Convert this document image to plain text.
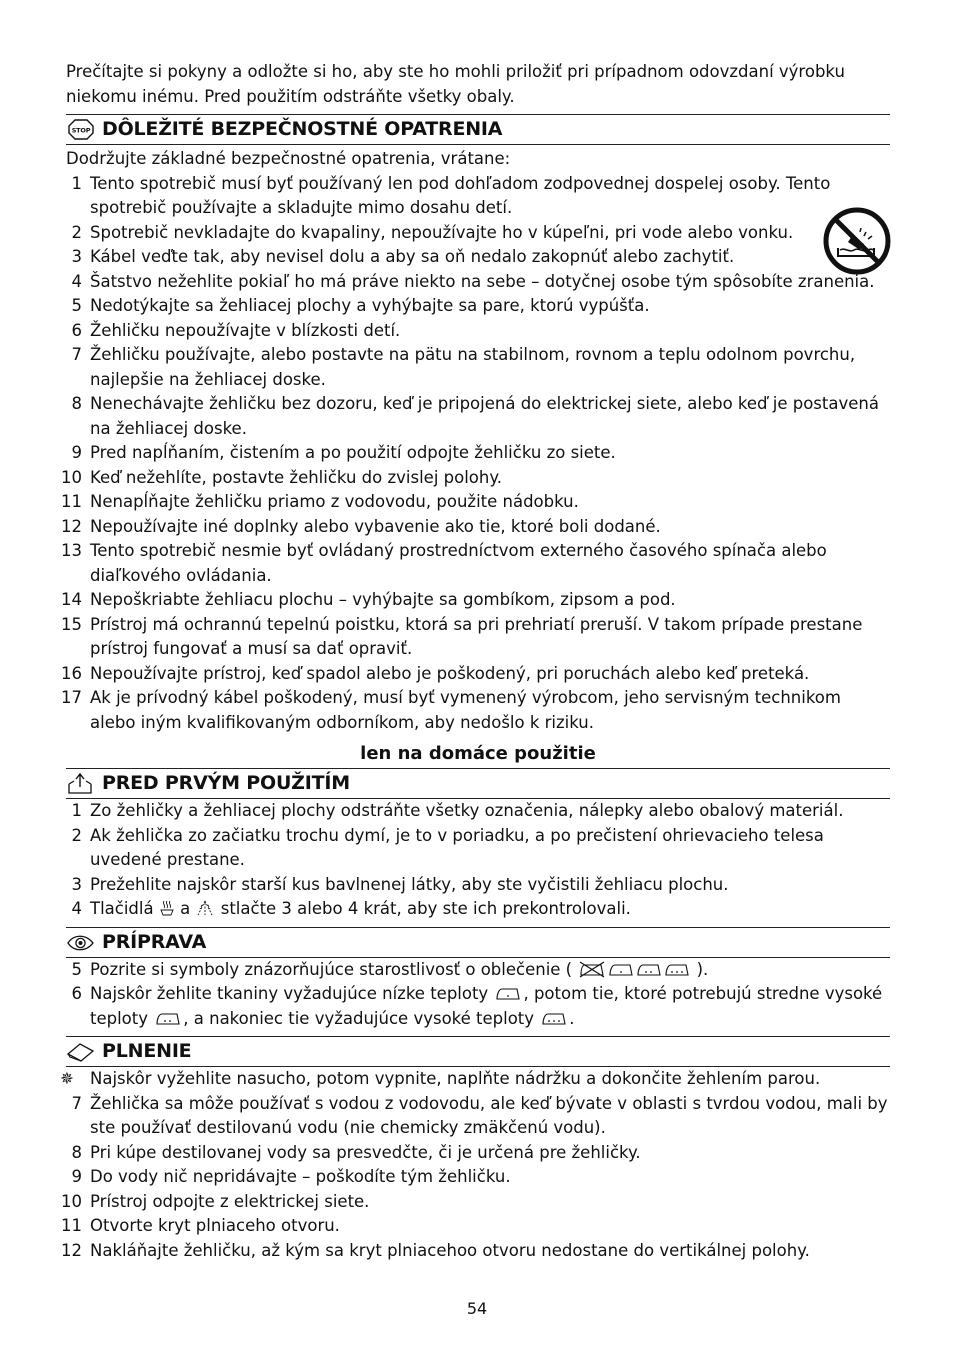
Prečítajte si pokyny a odložte si ho, aby ste ho mohli priložiť pri prípadnom odovzdaní výrobku

niekomu inému. Pred použitím odstráňte všetky obaly.

STOP DÔLEŽITÉ BEZPEČNOSTNÉ OPATRENIA

Dodržujte základné bezpečnostné opatrenia, vrátane:

1 Tento spotrebič musí byť používaný len pod dohľadom zodpovednej dospelej osoby. Tento spotrebič používajte a skladujte mimo dosahu detí.
2 Spotrebič nevkladajte do kvapaliny, nepoužívajte ho v kúpeľni, pri vode alebo vonku.
3 Kábel veďte tak, aby nevisel dolu a aby sa oň nedalo zakopnúť alebo zachytiť.
4 Šatstvo nežehlite pokiaľ ho má práve niekto na sebe – dotyčnej osobe tým spôsobíte zranenia.
5 Nedotýkajte sa žehliacej plochy a vyhýbajte sa pare, ktorú vypúšťa.
6 Žehličku nepoužívajte v blízkosti detí.
7 Žehličku používajte, alebo postavte na pätu na stabilnom, rovnom a teplu odolnom povrchu, najlepšie na žehliacej doske.
8 Nenechávajte žehličku bez dozoru, keď je pripojená do elektrickej siete, alebo keď je postavená na žehliacej doske.
9 Pred napĺňaním, čistením a po použití odpojte žehličku zo siete.
10 Keď nežehlíte, postavte žehličku do zvislej polohy.
11 Nenapĺňajte žehličku priamo z vodovodu, použite nádobku.
12 Nepoužívajte iné doplnky alebo vybavenie ako tie, ktoré boli dodané.
13 Tento spotrebič nesmie byť ovládaný prostredníctvom externého časového spínača alebo diaľkového ovládania.
14 Nepoškriabte žehliacu plochu – vyhýbajte sa gombíkom, zipsom a pod.
15 Prístroj má ochrannú tepelnú poistku, ktorá sa pri prehriatí preruší. V takom prípade prestane prístroj fungovať a musí sa dať opraviť.
16 Nepoužívajte prístroj, keď spadol alebo je poškodený, pri poruchách alebo keď preteká.
17 Ak je prívodný kábel poškodený, musí byť vymenený výrobcom, jeho servisným technikom alebo iným kvalifikovaným odborníkom, aby nedošlo k riziku.
len na domáce použitie
PRED PRVÝM POUŽITÍM
1 Zo žehličky a žehliacej plochy odstráňte všetky označenia, nálepky alebo obalový materiál.
2 Ak žehlička zo začiatku trochu dymí, je to v poriadku, a po prečistení ohrievacieho telesa uvedené prestane.
3 Prežehlite najskôr starší kus bavlnenej látky, aby ste vyčistili žehliacu plochu.
4 Tlačidlá a stlačte 3 alebo 4 krát, aby ste ich prekontrolovali.
PRÍPRAVA
5 Pozrite si symboly znázorňujúce starostlivosť o oblečenie (	).
6 Najskôr žehlite tkaniny vyžadujúce nízke teploty , potom tie, ktoré potrebujú stredne vysoké teploty , a nakoniec tie vyžadujúce vysoké teploty .
PLNENIE
✵ Najskôr vyžehlite nasucho, potom vypnite, naplňte nádržku a dokončite žehlením parou.
7 Žehlička sa môže používať s vodou z vodovodu, ale keď bývate v oblasti s tvrdou vodou, mali by ste používať destilovanú vodu (nie chemicky zmäkčenú vodu).
8 Pri kúpe destilovanej vody sa presvedčte, či je určená pre žehličky.
9 Do vody nič nepridávajte – poškodíte tým žehličku.
10 Prístroj odpojte z elektrickej siete.
11 Otvorte kryt plniaceho otvoru.
12 Nakláňajte žehličku, až kým sa kryt plniacehoo otvoru nedostane do vertikálnej polohy.
54
